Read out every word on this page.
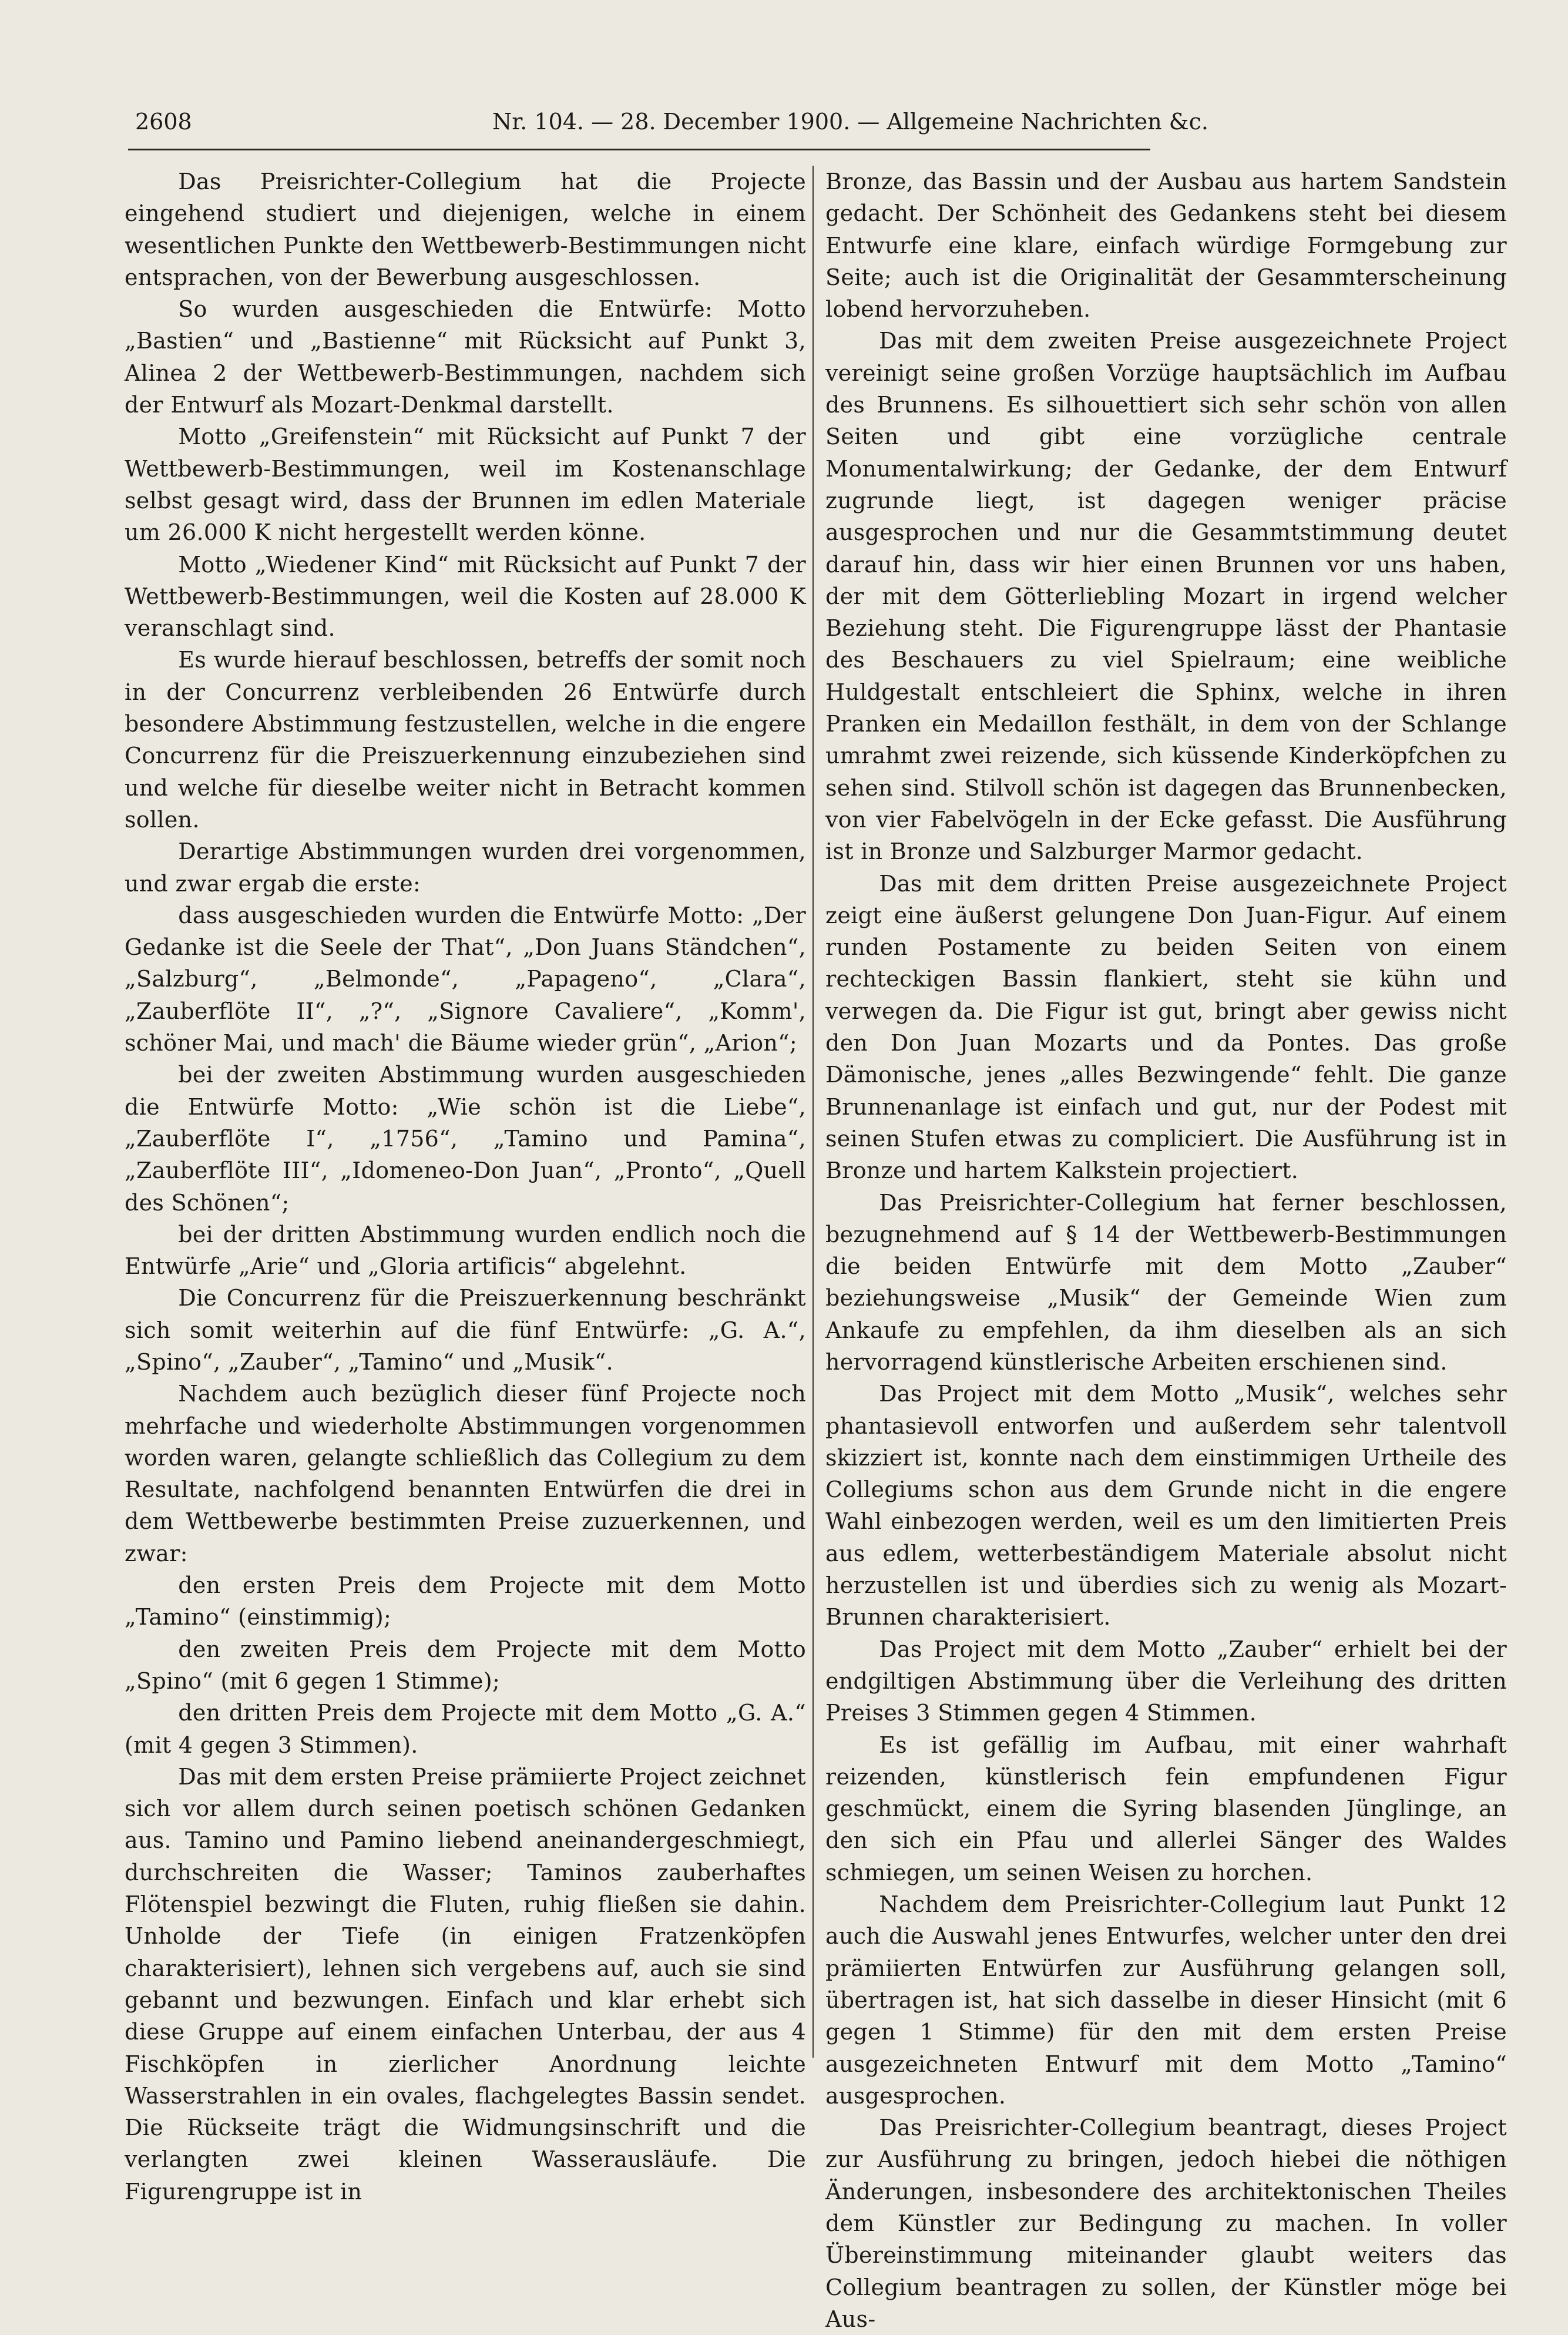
2608	Nr. 104. — 28. December 1900. — Allgemeine Nachrichten &c.

Das Preisrichter-Collegium hat die Projecte eingehend studiert und diejenigen, welche in einem wesentlichen Punkte den Wettbewerb-Bestimmungen nicht entsprachen, von der Bewerbung ausgeschlossen.

So wurden ausgeschieden die Entwürfe: Motto „Bastien“ und „Bastienne“ mit Rücksicht auf Punkt 3, Alinea 2 der Wettbewerb-Bestimmungen, nachdem sich der Entwurf als Mozart-Denkmal darstellt.

Motto „Greifenstein“ mit Rücksicht auf Punkt 7 der Wettbewerb-Bestimmungen, weil im Kostenanschlage selbst gesagt wird, dass der Brunnen im edlen Materiale um 26.000 K nicht hergestellt werden könne.

Motto „Wiedener Kind“ mit Rücksicht auf Punkt 7 der Wettbewerb-Bestimmungen, weil die Kosten auf 28.000 K veranschlagt sind.

Es wurde hierauf beschlossen, betreffs der somit noch in der Concurrenz verbleibenden 26 Entwürfe durch besondere Abstimmung festzustellen, welche in die engere Concurrenz für die Preiszuerkennung einzubeziehen sind und welche für dieselbe weiter nicht in Betracht kommen sollen.

Derartige Abstimmungen wurden drei vorgenommen, und zwar ergab die erste:

dass ausgeschieden wurden die Entwürfe Motto: „Der Gedanke ist die Seele der That“, „Don Juans Ständchen“, „Salzburg“, „Belmonde“, „Papageno“, „Clara“, „Zauberflöte II“, „?“, „Signore Cavaliere“, „Komm', schöner Mai, und mach' die Bäume wieder grün“, „Arion“;

bei der zweiten Abstimmung wurden ausgeschieden die Entwürfe Motto: „Wie schön ist die Liebe“, „Zauberflöte I“, „1756“, „Tamino und Pamina“, „Zauberflöte III“, „Idomeneo-Don Juan“, „Pronto“, „Quell des Schönen“;

bei der dritten Abstimmung wurden endlich noch die Entwürfe „Arie“ und „Gloria artificis“ abgelehnt.

Die Concurrenz für die Preiszuerkennung beschränkt sich somit weiterhin auf die fünf Entwürfe: „G. A.“, „Spino“, „Zauber“, „Tamino“ und „Musik“.

Nachdem auch bezüglich dieser fünf Projecte noch mehrfache und wiederholte Abstimmungen vorgenommen worden waren, gelangte schließlich das Collegium zu dem Resultate, nachfolgend benannten Entwürfen die drei in dem Wettbewerbe bestimmten Preise zuzuerkennen, und zwar:

den ersten Preis dem Projecte mit dem Motto „Tamino“ (einstimmig);

den zweiten Preis dem Projecte mit dem Motto „Spino“ (mit 6 gegen 1 Stimme);

den dritten Preis dem Projecte mit dem Motto „G. A.“ (mit 4 gegen 3 Stimmen).

Das mit dem ersten Preise prämiierte Project zeichnet sich vor allem durch seinen poetisch schönen Gedanken aus. Tamino und Pamino liebend aneinandergeschmiegt, durchschreiten die Wasser; Taminos zauberhaftes Flötenspiel bezwingt die Fluten, ruhig fließen sie dahin. Unholde der Tiefe (in einigen Fratzenköpfen charakterisiert), lehnen sich vergebens auf, auch sie sind gebannt und bezwungen. Einfach und klar erhebt sich diese Gruppe auf einem einfachen Unterbau, der aus 4 Fischköpfen in zierlicher Anordnung leichte Wasserstrahlen in ein ovales, flachgelegtes Bassin sendet. Die Rückseite trägt die Widmungsinschrift und die verlangten zwei kleinen Wasserausläufe. Die Figurengruppe ist in

Bronze, das Bassin und der Ausbau aus hartem Sandstein gedacht. Der Schönheit des Gedankens steht bei diesem Entwurfe eine klare, einfach würdige Formgebung zur Seite; auch ist die Originalität der Gesammterscheinung lobend hervorzuheben.

Das mit dem zweiten Preise ausgezeichnete Project vereinigt seine großen Vorzüge hauptsächlich im Aufbau des Brunnens. Es silhouettiert sich sehr schön von allen Seiten und gibt eine vorzügliche centrale Monumentalwirkung; der Gedanke, der dem Entwurf zugrunde liegt, ist dagegen weniger präcise ausgesprochen und nur die Gesammtstimmung deutet darauf hin, dass wir hier einen Brunnen vor uns haben, der mit dem Götterliebling Mozart in irgend welcher Beziehung steht. Die Figurengruppe lässt der Phantasie des Beschauers zu viel Spielraum; eine weibliche Huldgestalt entschleiert die Sphinx, welche in ihren Pranken ein Medaillon festhält, in dem von der Schlange umrahmt zwei reizende, sich küssende Kinderköpfchen zu sehen sind. Stilvoll schön ist dagegen das Brunnenbecken, von vier Fabelvögeln in der Ecke gefasst. Die Ausführung ist in Bronze und Salzburger Marmor gedacht.

Das mit dem dritten Preise ausgezeichnete Project zeigt eine äußerst gelungene Don Juan-Figur. Auf einem runden Postamente zu beiden Seiten von einem rechteckigen Bassin flankiert, steht sie kühn und verwegen da. Die Figur ist gut, bringt aber gewiss nicht den Don Juan Mozarts und da Pontes. Das große Dämonische, jenes „alles Bezwingende“ fehlt. Die ganze Brunnenanlage ist einfach und gut, nur der Podest mit seinen Stufen etwas zu compliciert. Die Ausführung ist in Bronze und hartem Kalkstein projectiert.

Das Preisrichter-Collegium hat ferner beschlossen, bezugnehmend auf § 14 der Wettbewerb-Bestimmungen die beiden Entwürfe mit dem Motto „Zauber“ beziehungsweise „Musik“ der Gemeinde Wien zum Ankaufe zu empfehlen, da ihm dieselben als an sich hervorragend künstlerische Arbeiten erschienen sind.

Das Project mit dem Motto „Musik“, welches sehr phantasievoll entworfen und außerdem sehr talentvoll skizziert ist, konnte nach dem einstimmigen Urtheile des Collegiums schon aus dem Grunde nicht in die engere Wahl einbezogen werden, weil es um den limitierten Preis aus edlem, wetterbeständigem Materiale absolut nicht herzustellen ist und überdies sich zu wenig als Mozart-Brunnen charakterisiert.

Das Project mit dem Motto „Zauber“ erhielt bei der endgiltigen Abstimmung über die Verleihung des dritten Preises 3 Stimmen gegen 4 Stimmen.

Es ist gefällig im Aufbau, mit einer wahrhaft reizenden, künstlerisch fein empfundenen Figur geschmückt, einem die Syring blasenden Jünglinge, an den sich ein Pfau und allerlei Sänger des Waldes schmiegen, um seinen Weisen zu horchen.

Nachdem dem Preisrichter-Collegium laut Punkt 12 auch die Auswahl jenes Entwurfes, welcher unter den drei prämiierten Entwürfen zur Ausführung gelangen soll, übertragen ist, hat sich dasselbe in dieser Hinsicht (mit 6 gegen 1 Stimme) für den mit dem ersten Preise ausgezeichneten Entwurf mit dem Motto „Tamino“ ausgesprochen.

Das Preisrichter-Collegium beantragt, dieses Project zur Ausführung zu bringen, jedoch hiebei die nöthigen Änderungen, insbesondere des architektonischen Theiles dem Künstler zur Bedingung zu machen. In voller Übereinstimmung miteinander glaubt weiters das Collegium beantragen zu sollen, der Künstler möge bei Aus-
